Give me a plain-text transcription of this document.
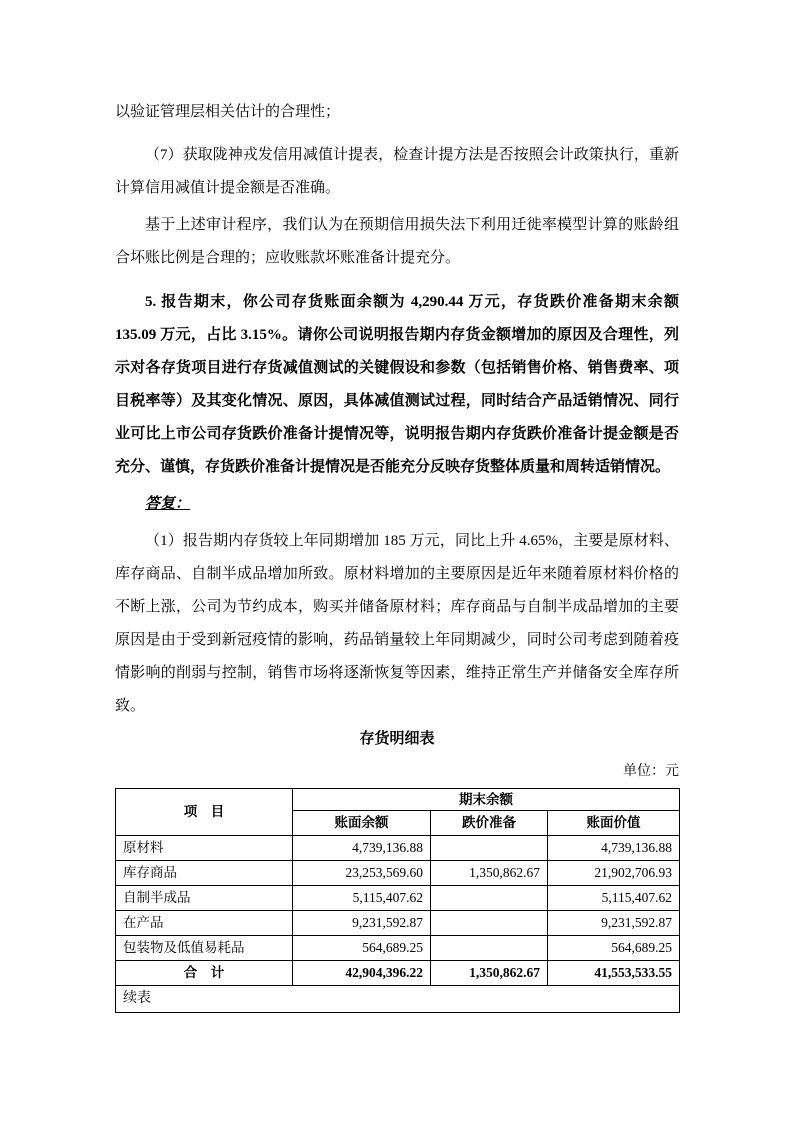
以验证管理层相关估计的合理性；

（7）获取陇神戎发信用减值计提表，检查计提方法是否按照会计政策执行，重新计算信用减值计提金额是否准确。

基于上述审计程序，我们认为在预期信用损失法下利用迁徙率模型计算的账龄组合坏账比例是合理的；应收账款坏账准备计提充分。

5. 报告期末，你公司存货账面余额为 4,290.44 万元，存货跌价准备期末余额 135.09 万元，占比 3.15%。请你公司说明报告期内存货金额增加的原因及合理性，列示对各存货项目进行存货减值测试的关键假设和参数（包括销售价格、销售费率、项目税率等）及其变化情况、原因，具体减值测试过程，同时结合产品适销情况、同行业可比上市公司存货跌价准备计提情况等，说明报告期内存货跌价准备计提金额是否充分、谨慎，存货跌价准备计提情况是否能充分反映存货整体质量和周转适销情况。

答复：

（1）报告期内存货较上年同期增加 185 万元，同比上升 4.65%，主要是原材料、库存商品、自制半成品增加所致。原材料增加的主要原因是近年来随着原材料价格的不断上涨，公司为节约成本，购买并储备原材料；库存商品与自制半成品增加的主要原因是由于受到新冠疫情的影响，药品销量较上年同期减少，同时公司考虑到随着疫情影响的削弱与控制，销售市场将逐渐恢复等因素，维持正常生产并储备安全库存所致。

存货明细表
单位：元
项　目	期末余额		
	账面余额	跌价准备	账面价值
原材料	4,739,136.88		4,739,136.88
库存商品	23,253,569.60	1,350,862.67	21,902,706.93
自制半成品	5,115,407.62		5,115,407.62
在产品	9,231,592.87		9,231,592.87
包装物及低值易耗品	564,689.25		564,689.25
合　计	42,904,396.22	1,350,862.67	41,553,533.55
续表			
